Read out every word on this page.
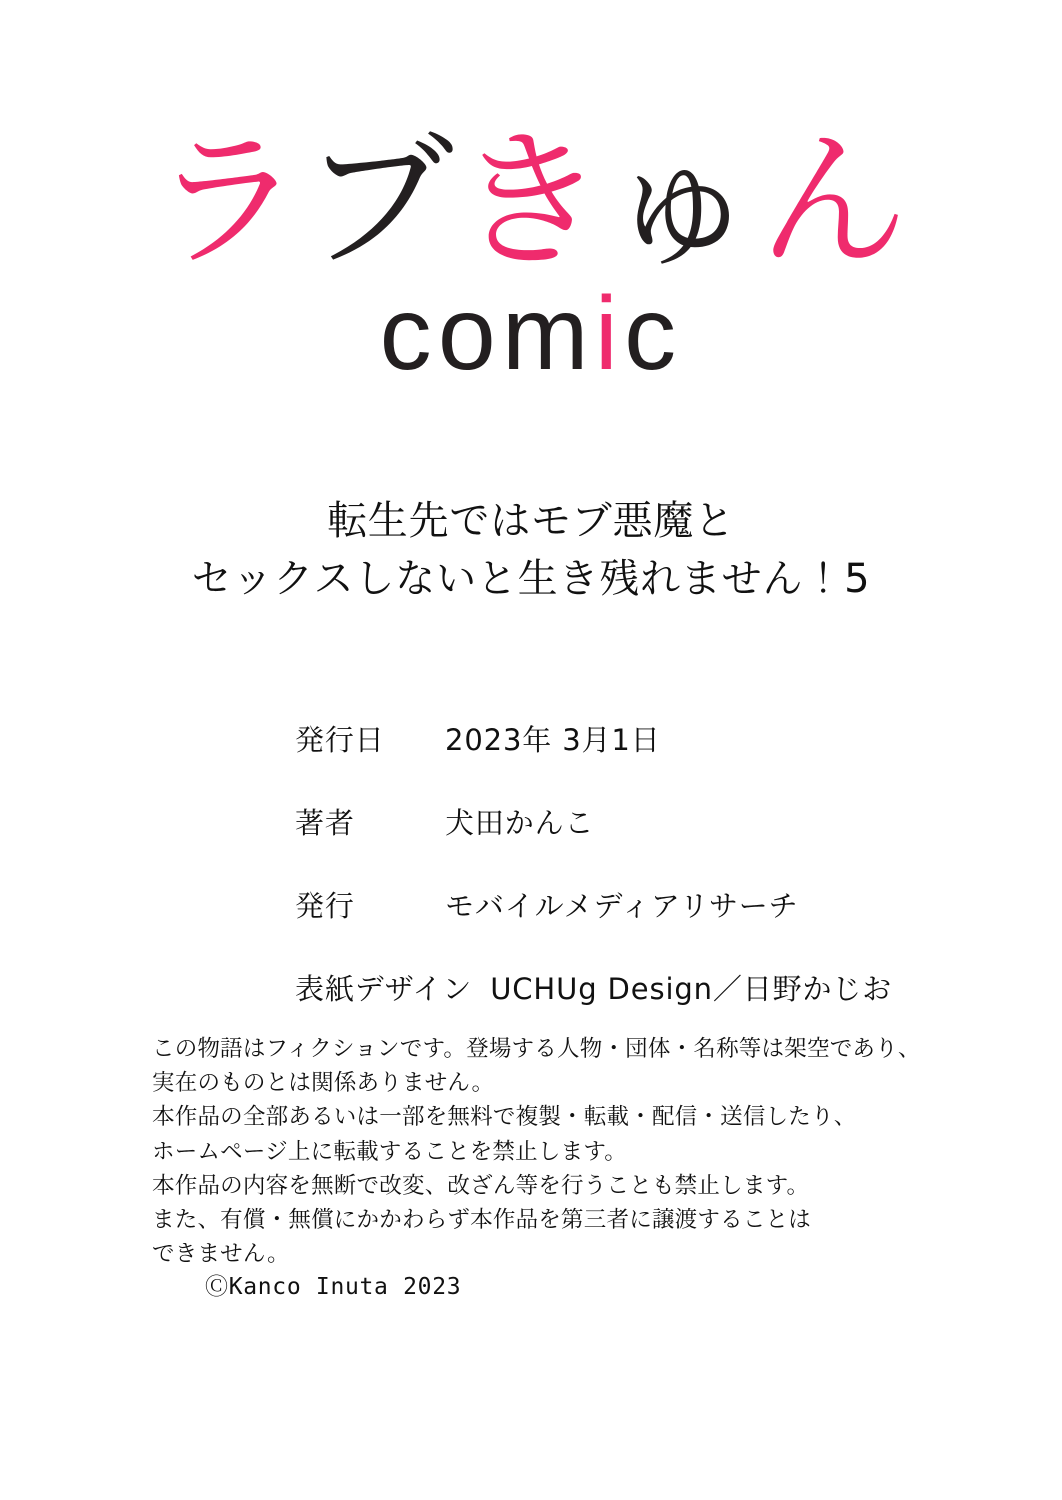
ラブきゅん
comic
転生先ではモブ悪魔と
セックスしないと生き残れません！5
発行日	2023年 3月1日
著者	犬田かんこ
発行	モバイルメディアリサーチ
表紙デザイン UCHUg Design／日野かじお

この物語はフィクションです。登場する人物・団体・名称等は架空であり、

実在のものとは関係ありません。

本作品の全部あるいは一部を無料で複製・転載・配信・送信したり、

ホームページ上に転載することを禁止します。

本作品の内容を無断で改変、改ざん等を行うことも禁止します。

また、有償・無償にかかわらず本作品を第三者に譲渡することは

できません。

ⒸKanco Inuta 2023
